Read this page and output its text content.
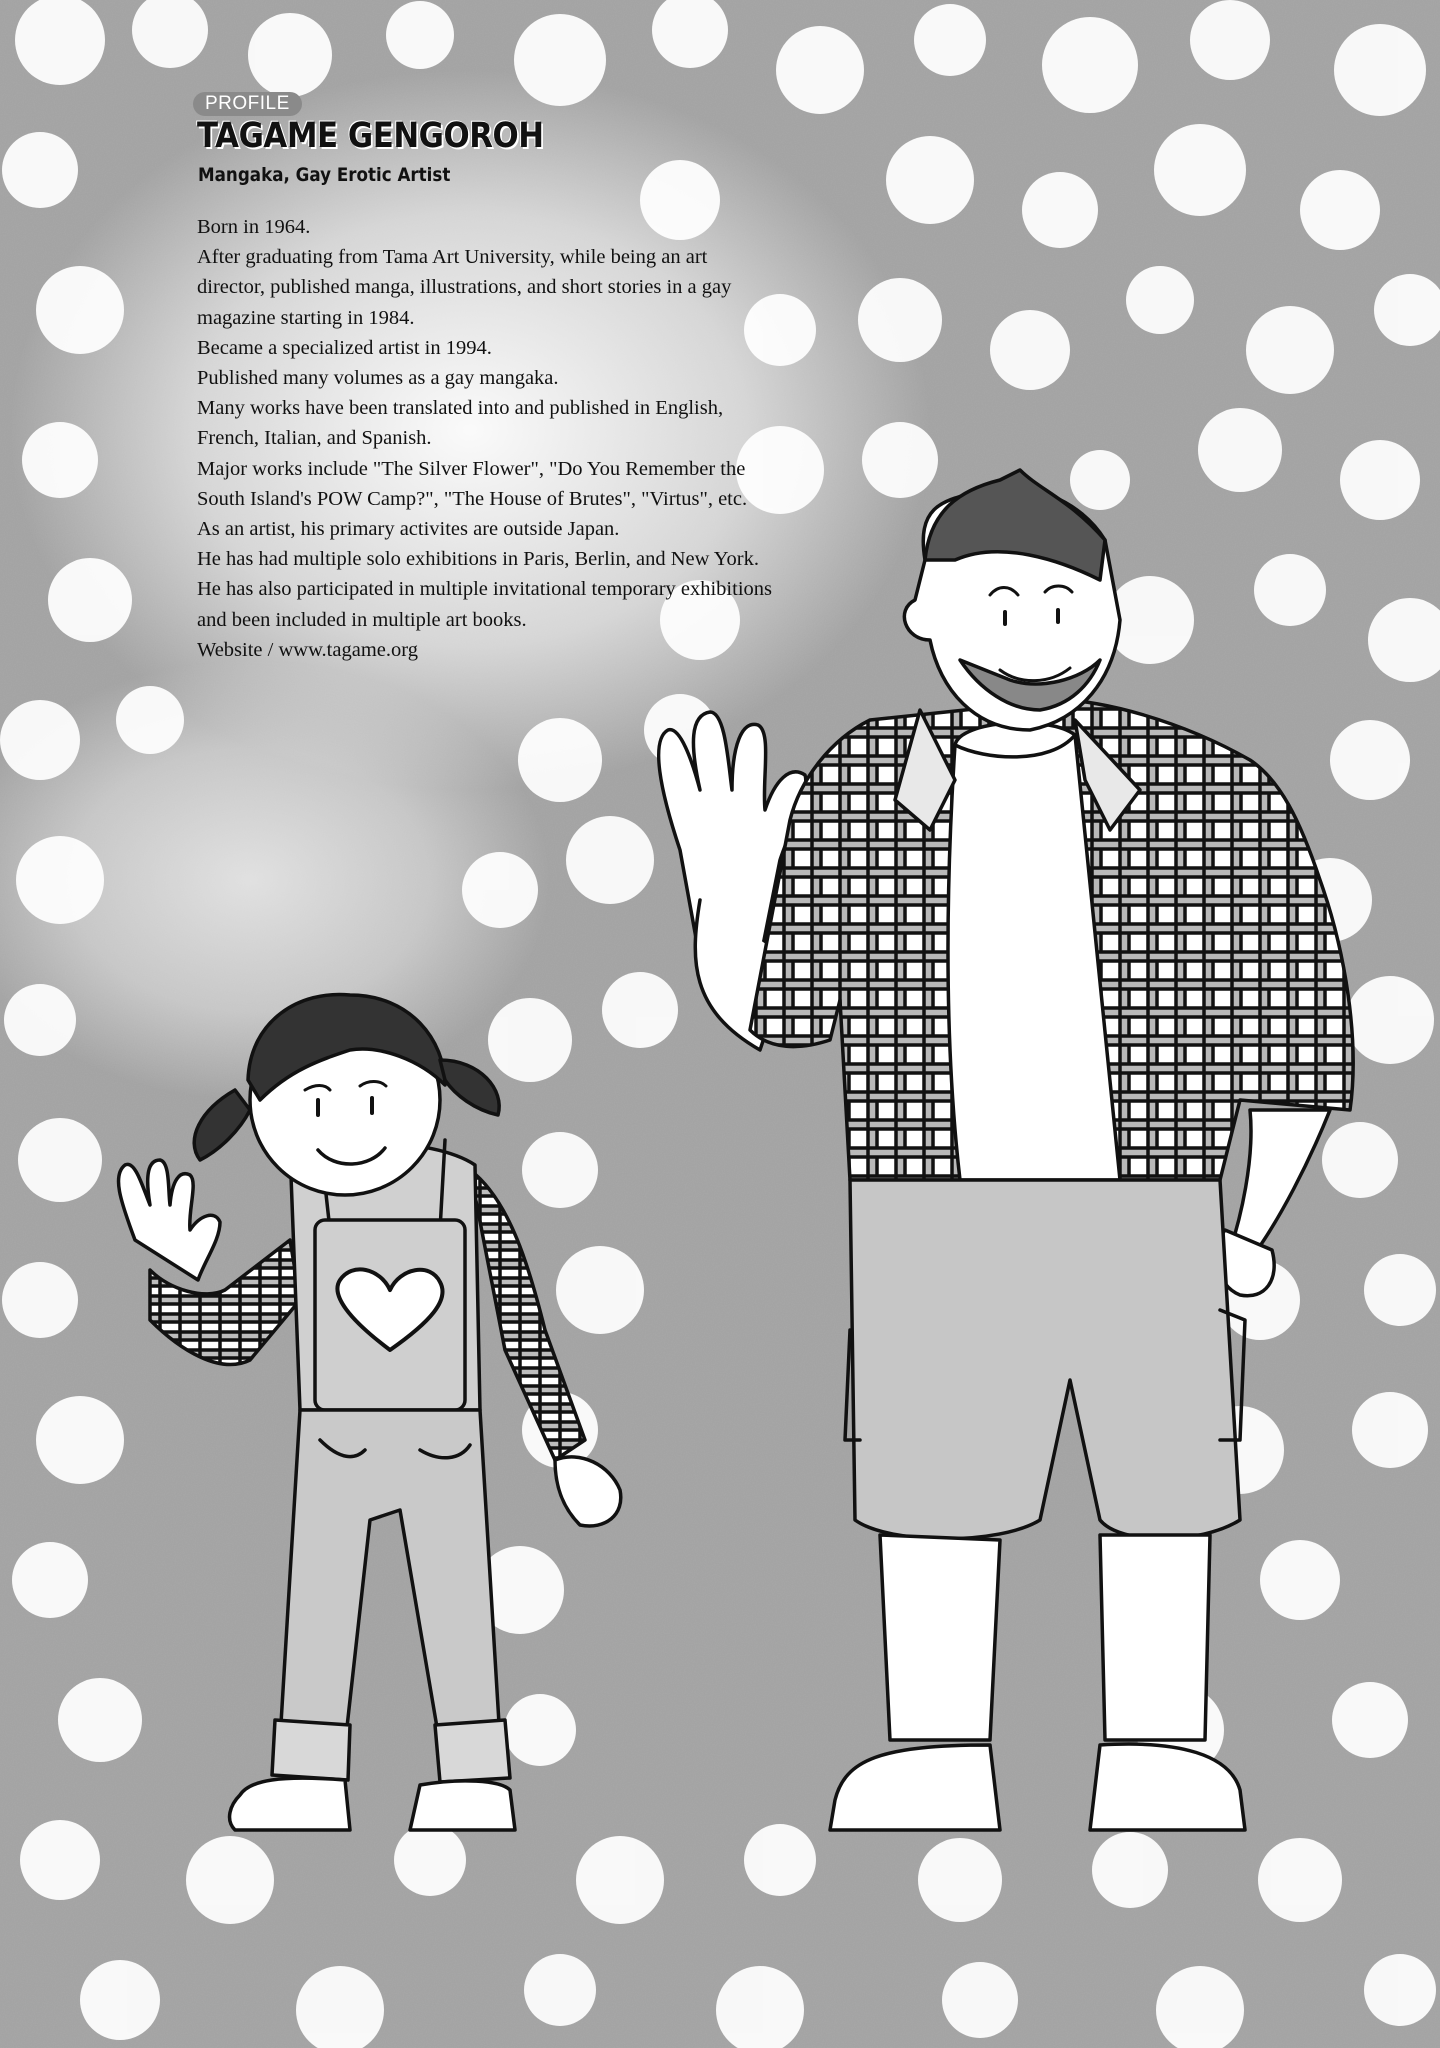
PROFILE
TAGAME GENGOROH
Mangaka, Gay Erotic Artist

Born in 1964.

After graduating from Tama Art University, while being an art director, published manga, illustrations, and short stories in a gay magazine starting in 1984.

Became a specialized artist in 1994.

Published many volumes as a gay mangaka.

Many works have been translated into and published in English, French, Italian, and Spanish.

Major works include "The Silver Flower", "Do You Remember the South Island's POW Camp?", "The House of Brutes", "Virtus", etc.

As an artist, his primary activites are outside Japan.

He has had multiple solo exhibitions in Paris, Berlin, and New York.

He has also participated in multiple invitational temporary exhibitions and been included in multiple art books.

Website / www.tagame.org
